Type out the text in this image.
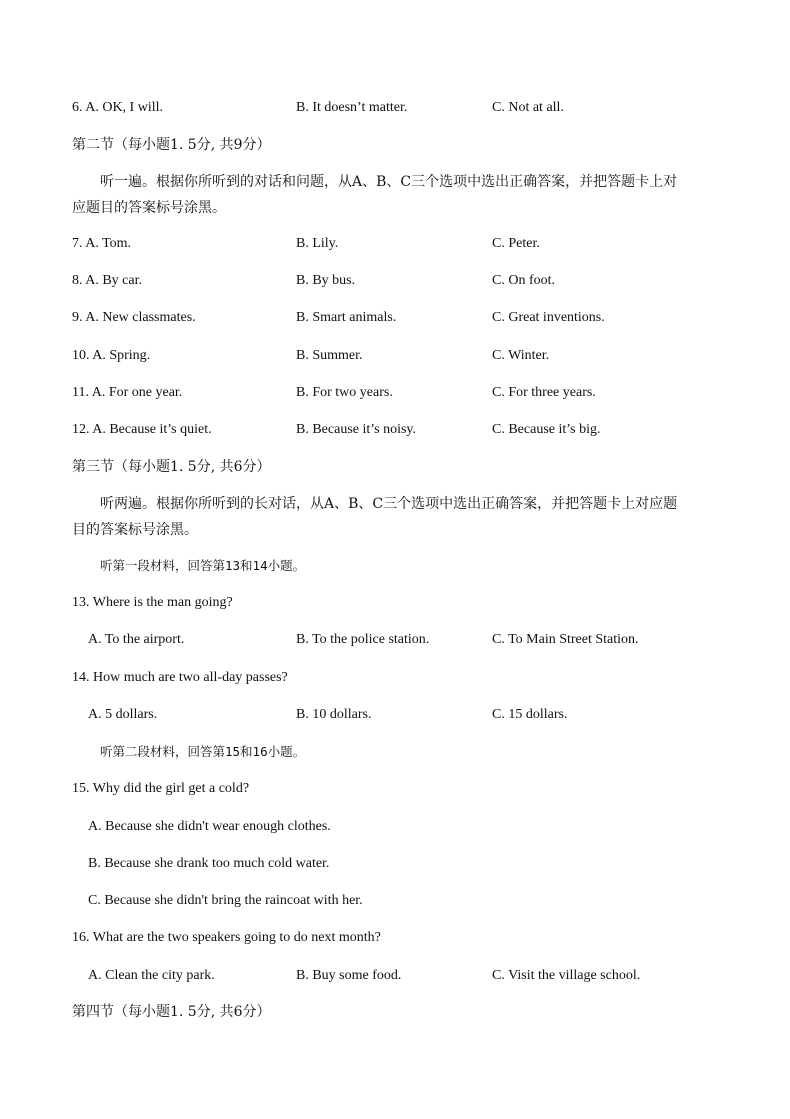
6. A. OK, I will.	B. It doesn’t matter.	C. Not at all.
第二节（每小题1. 5分, 共9分）
听一遍。根据你所听到的对话和问题，从A、B、C三个选项中选出正确答案，并把答题卡上对
应题目的答案标号涂黑。
7. A. Tom.	B. Lily.	C. Peter.
8. A. By car.	B. By bus.	C. On foot.
9. A. New classmates.	B. Smart animals.	C. Great inventions.
10. A. Spring.	B. Summer.	C. Winter.
11. A. For one year.	B. For two years.	C. For three years.
12. A. Because it’s quiet.	B. Because it’s noisy.	C. Because it’s big.
第三节（每小题1. 5分, 共6分）
听两遍。根据你所听到的长对话，从A、B、C三个选项中选出正确答案，并把答题卡上对应题
目的答案标号涂黑。
听第一段材料，回答第13和14小题。
13. Where is the man going?
A. To the airport.	B. To the police station.	C. To Main Street Station.
14. How much are two all-day passes?
A. 5 dollars.	B. 10 dollars.	C. 15 dollars.
听第二段材料，回答第15和16小题。
15. Why did the girl get a cold?
A. Because she didn't wear enough clothes.
B. Because she drank too much cold water.
C. Because she didn't bring the raincoat with her.
16. What are the two speakers going to do next month?
A. Clean the city park.	B. Buy some food.	C. Visit the village school.
第四节（每小题1. 5分, 共6分）
